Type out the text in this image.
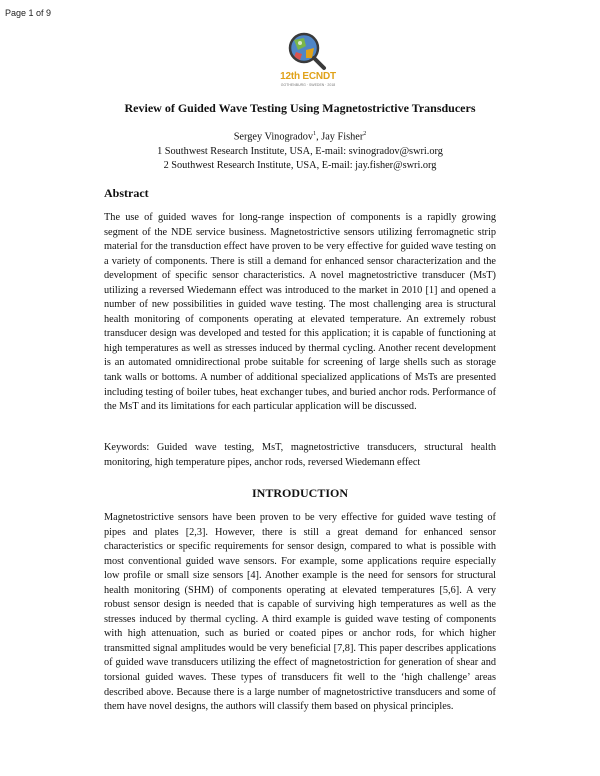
Page 1 of 9
12th ECNDT
GOTHENBURG · SWEDEN · 2018
Review of Guided Wave Testing Using Magnetostrictive Transducers
Sergey Vinogradov$^1$, Jay Fisher$^2$
1 Southwest Research Institute, USA, E-mail: svinogradov@swri.org
2 Southwest Research Institute, USA, E-mail: jay.fisher@swri.org
Abstract
The use of guided waves for long-range inspection of components is a rapidly growing segment of the NDE service business. Magnetostrictive sensors utilizing ferromagnetic strip material for the transduction effect have proven to be very effective for guided wave testing on a variety of components. There is still a demand for enhanced sensor characterization and the development of specific sensor characteristics. A novel magnetostrictive transducer (MsT) utilizing a reversed Wiedemann effect was introduced to the market in 2010 [1] and opened a number of new possibilities in guided wave testing. The most challenging area is structural health monitoring of components operating at elevated temperature. An extremely robust transducer design was developed and tested for this application; it is capable of functioning at high temperatures as well as stresses induced by thermal cycling. Another recent development is an automated omnidirectional probe suitable for screening of large shells such as storage tank walls or bottoms. A number of additional specialized applications of MsTs are presented including testing of boiler tubes, heat exchanger tubes, and buried anchor rods. Performance of the MsT and its limitations for each particular application will be discussed.
Keywords: Guided wave testing, MsT, magnetostrictive transducers, structural health monitoring, high temperature pipes, anchor rods, reversed Wiedemann effect
INTRODUCTION
Magnetostrictive sensors have been proven to be very effective for guided wave testing of pipes and plates [2,3]. However, there is still a great demand for enhanced sensor characteristics or specific requirements for sensor design, compared to what is possible with most conventional guided wave sensors. For example, some applications require especially low profile or small size sensors [4]. Another example is the need for sensors for structural health monitoring (SHM) of components operating at elevated temperatures [5,6]. A very robust sensor design is needed that is capable of surviving high temperatures as well as the stresses induced by thermal cycling. A third example is guided wave testing of components with high attenuation, such as buried or coated pipes or anchor rods, for which higher transmitted signal amplitudes would be very beneficial [7,8]. This paper describes applications of guided wave transducers utilizing the effect of magnetostriction for generation of shear and torsional guided waves. These types of transducers fit well to the ‘high challenge’ areas described above. Because there is a large number of magnetostrictive transducers and some of them have novel designs, the authors will classify them based on physical principles.
